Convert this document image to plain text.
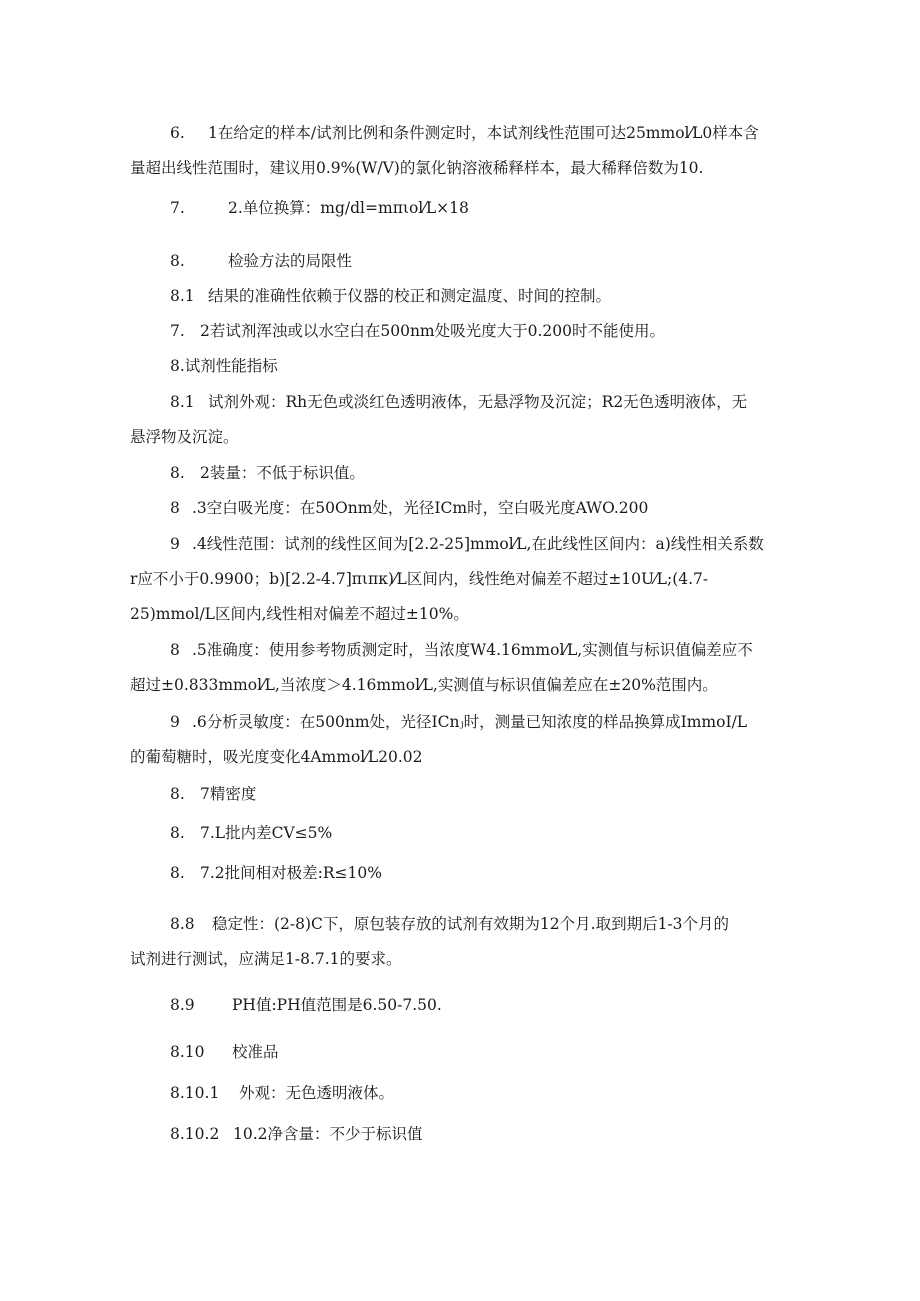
6. 1在给定的样本/试剂比例和条件测定时，本试剂线性范围可达25mmol⁄L0样本含
量超出线性范围时，建议用0.9%(W/V)的氯化钠溶液稀释样本，最大稀释倍数为10.
7.	2.单位换算：mg/dl=mπιol⁄L×18
8.	检验方法的局限性
8.1 结果的准确性依赖于仪器的校正和测定温度、时间的控制。
7. 2若试剂浑浊或以水空白在500nm处吸光度大于0.200时不能使用。
8.试剂性能指标
8.1 试剂外观：Rh无色或淡红色透明液体，无悬浮物及沉淀；R2无色透明液体，无
悬浮物及沉淀。
8. 2装量：不低于标识值。
8 .3空白吸光度：在50Onm处，光径ICm时，空白吸光度AWO.200
9 .4线性范围：试剂的线性区间为[2.2-25]mmol⁄L,在此线性区间内：a)线性相关系数
r应不小于0.9900；b)[2.2-4.7]πιπκ)⁄L区间内，线性绝对偏差不超过±10U⁄L;(4.7-
25)mmol/L区间内,线性相对偏差不超过±10%。
8 .5准确度：使用参考物质测定时，当浓度W4.16mmol⁄L,实测值与标识值偏差应不
超过±0.833mmol⁄L,当浓度＞4.16mmol⁄L,实测值与标识值偏差应在±20%范围内。
9 .6分析灵敏度：在500nm处，光径ICnⱼ时，测量已知浓度的样品换算成ImmoI/L
的葡萄糖时，吸光度变化4Ammol⁄L20.02
8. 7精密度
8. 7.L批内差CV≤5%
8. 7.2批间相对极差:R≤10%
8.8 稳定性：(2-8)C下，原包装存放的试剂有效期为12个月.取到期后1-3个月的
试剂进行测试，应满足1-8.7.1的要求。
8.9 PH值:PH值范围是6.50-7.50.
8.10 校准品
8.10.1 外观：无色透明液体。
8.10.2 10.2净含量：不少于标识值
